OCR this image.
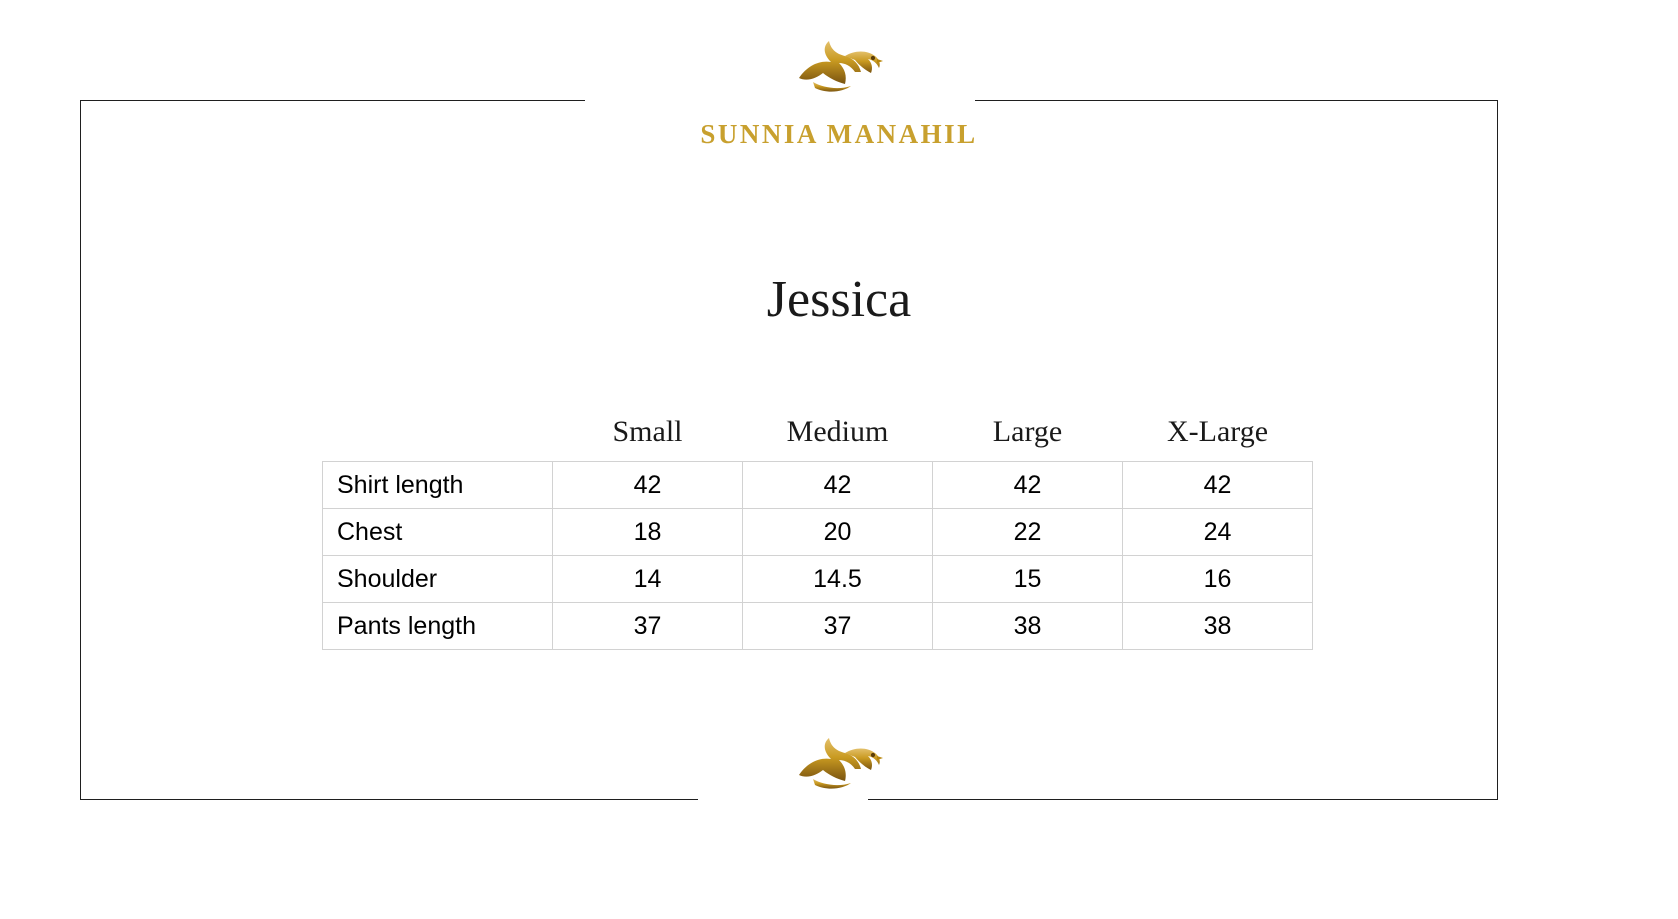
SUNNIA MANAHIL
Jessica
	Small	Medium	Large	X-Large
Shirt length	42	42	42	42
Chest	18	20	22	24
Shoulder	14	14.5	15	16
Pants length	37	37	38	38
